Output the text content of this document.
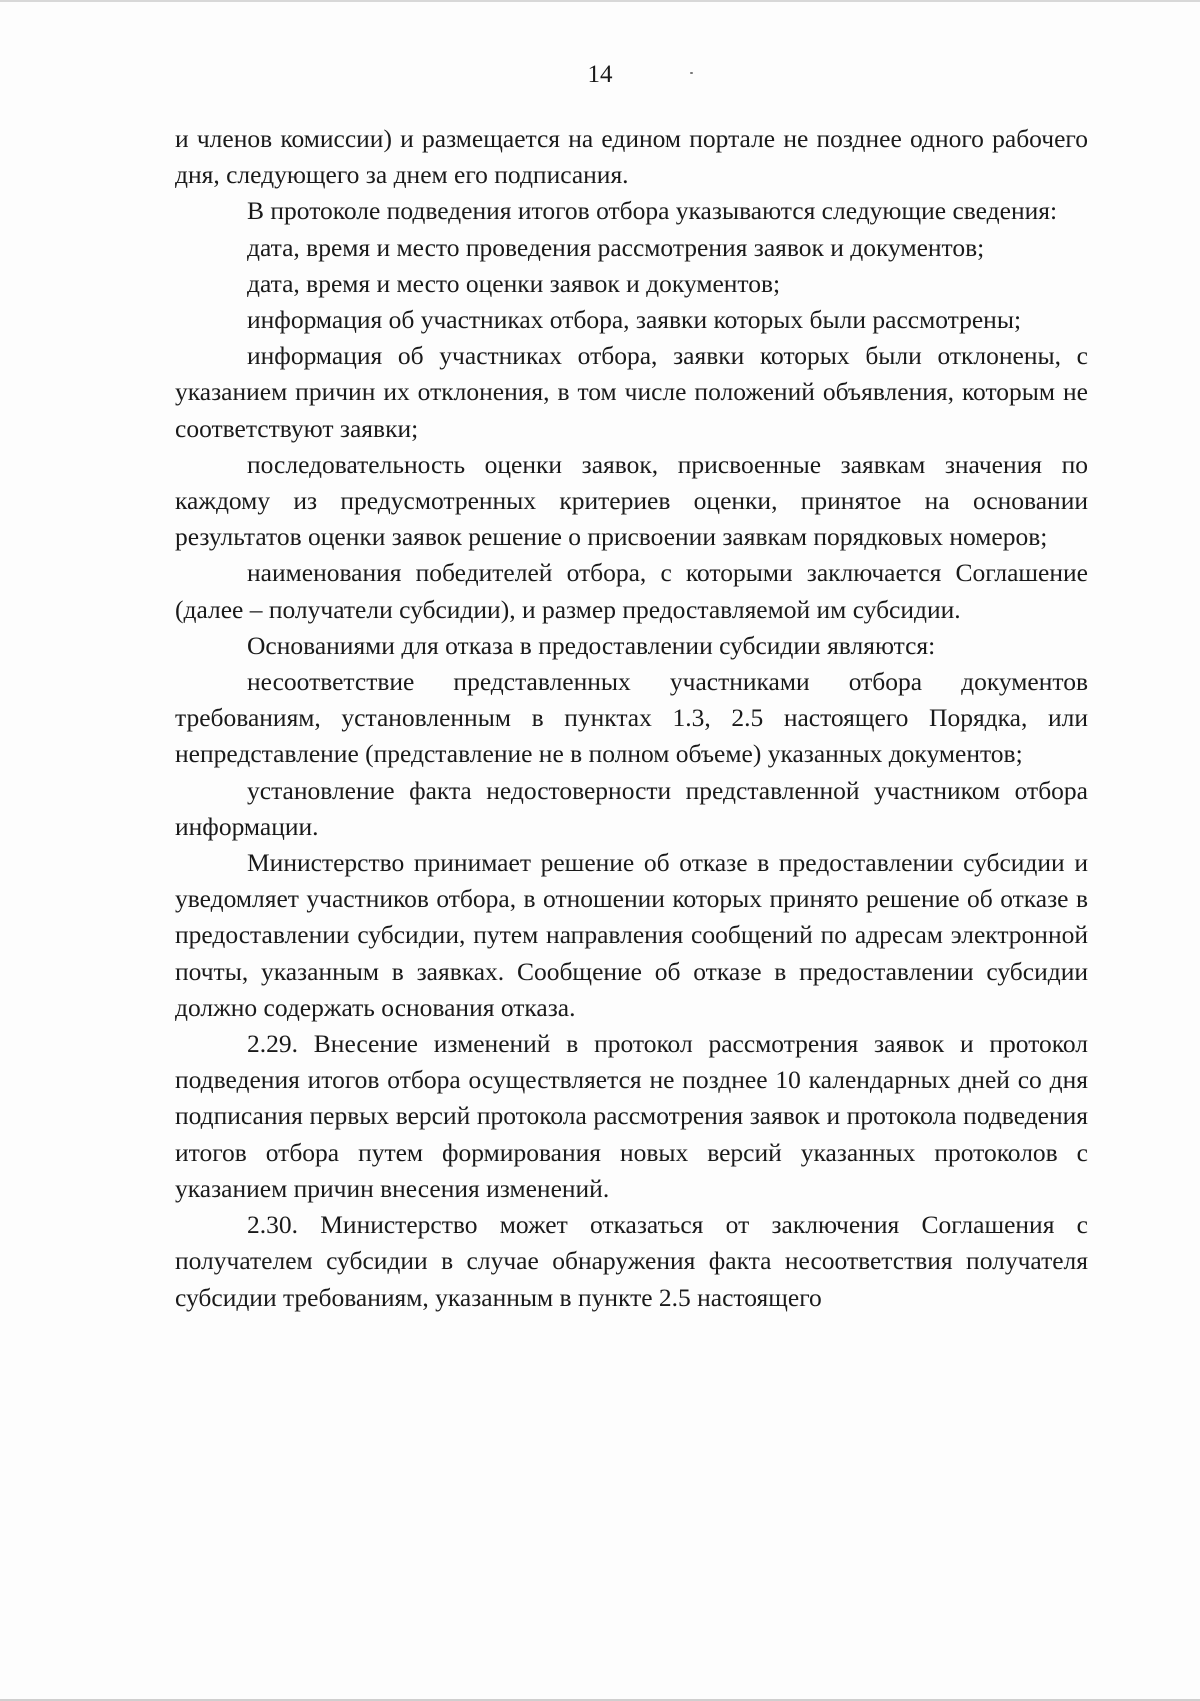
14

и членов комиссии) и размещается на едином портале не позднее одного рабочего дня, следующего за днем его подписания.

В протоколе подведения итогов отбора указываются следующие сведения:

дата, время и место проведения рассмотрения заявок и документов;

дата, время и место оценки заявок и документов;

информация об участниках отбора, заявки которых были рассмотрены;

информация об участниках отбора, заявки которых были отклонены, с указанием причин их отклонения, в том числе положений объявления, которым не соответствуют заявки;

последовательность оценки заявок, присвоенные заявкам значения по каждому из предусмотренных критериев оценки, принятое на основании результатов оценки заявок решение о присвоении заявкам порядковых номеров;

наименования победителей отбора, с которыми заключается Соглашение (далее – получатели субсидии), и размер предоставляемой им субсидии.

Основаниями для отказа в предоставлении субсидии являются:

несоответствие представленных участниками отбора документов требованиям, установленным в пунктах 1.3, 2.5 настоящего Порядка, или непредставление (представление не в полном объеме) указанных документов;

установление факта недостоверности представленной участником отбора информации.

Министерство принимает решение об отказе в предоставлении субсидии и уведомляет участников отбора, в отношении которых принято решение об отказе в предоставлении субсидии, путем направления сообщений по адресам электронной почты, указанным в заявках. Сообщение об отказе в предоставлении субсидии должно содержать основания отказа.

2.29. Внесение изменений в протокол рассмотрения заявок и протокол подведения итогов отбора осуществляется не позднее 10 календарных дней со дня подписания первых версий протокола рассмотрения заявок и протокола подведения итогов отбора путем формирования новых версий указанных протоколов с указанием причин внесения изменений.

2.30. Министерство может отказаться от заключения Соглашения с получателем субсидии в случае обнаружения факта несоответствия получателя субсидии требованиям, указанным в пункте 2.5 настоящего
